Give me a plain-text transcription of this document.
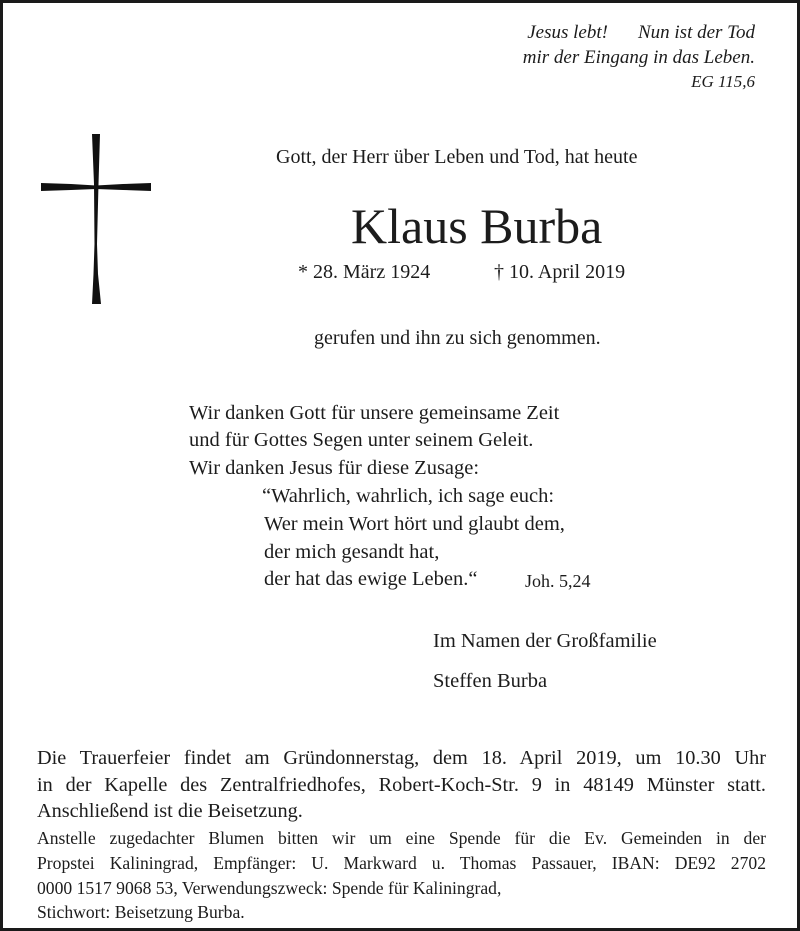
Jesus lebt! Nun ist der Tod
mir der Eingang in das Leben.
EG 115,6
Gott, der Herr über Leben und Tod, hat heute
Klaus Burba
* 28. März 1924	† 10. April 2019
gerufen und ihn zu sich genommen.
Wir danken Gott für unsere gemeinsame Zeit
und für Gottes Segen unter seinem Geleit.
Wir danken Jesus für diese Zusage:
“Wahrlich, wahrlich, ich sage euch:
Wer mein Wort hört und glaubt dem,
der mich gesandt hat,
der hat das ewige Leben.“	Joh. 5,24
Im Namen der Großfamilie
Steffen Burba
Die Trauerfeier findet am Gründonnerstag, dem 18. April 2019, um 10.30 Uhr
in der Kapelle des Zentralfriedhofes, Robert-Koch-Str. 9 in 48149 Münster statt.
Anschließend ist die Beisetzung.
Anstelle zugedachter Blumen bitten wir um eine Spende für die Ev. Gemeinden in der
Propstei Kaliningrad, Empfänger: U. Markward u. Thomas Passauer, IBAN: DE92 2702
0000 1517 9068 53, Verwendungszweck: Spende für Kaliningrad,
Stichwort: Beisetzung Burba.
